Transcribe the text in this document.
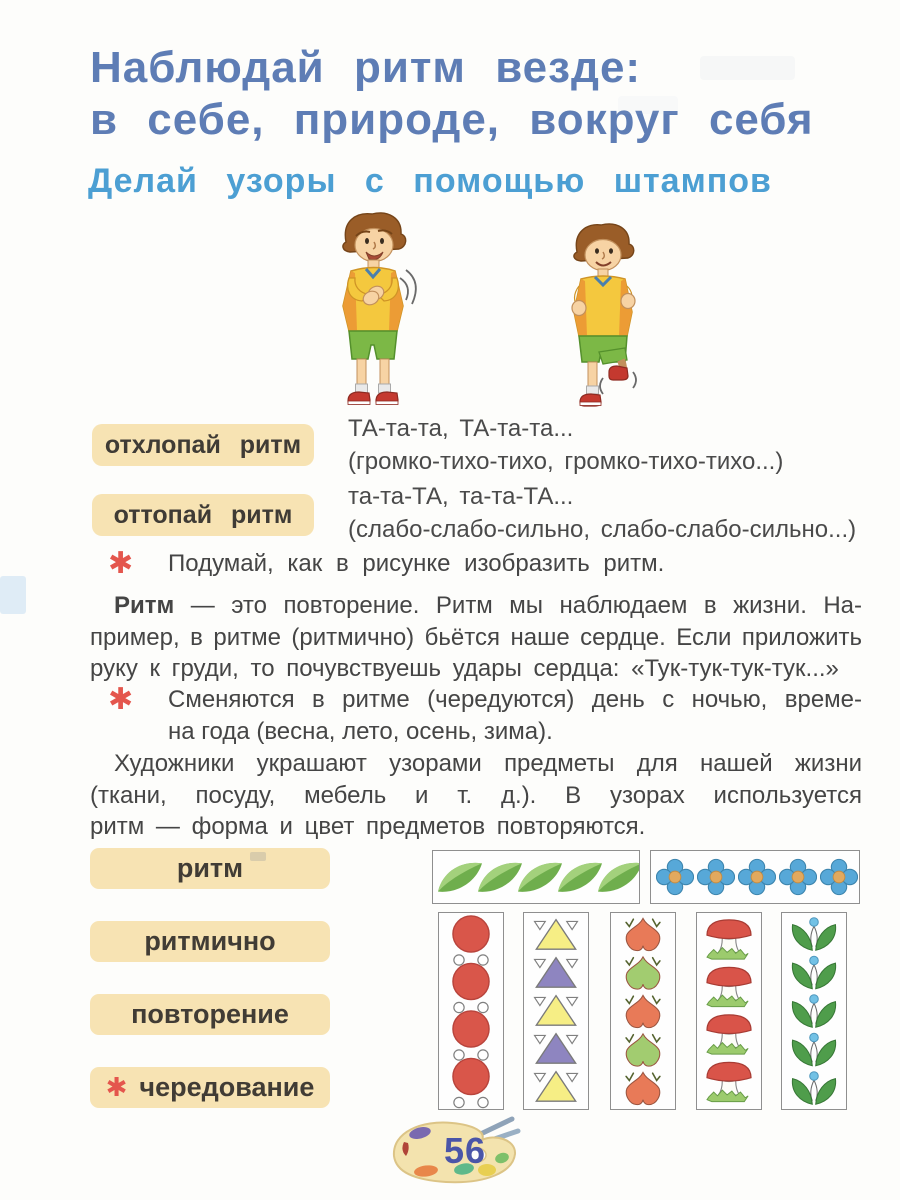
Наблюдай ритм везде:
в себе, природе, вокруг себя
Делай узоры с помощью штампов
отхлопай ритм
ТА-та-та, ТА-та-та...
(громко-тихо-тихо, громко-тихо-тихо...)
оттопай ритм
та-та-ТА, та-та-ТА...
(слабо-слабо-сильно, слабо-слабо-сильно...)
✱ Подумай, как в рисунке изобразить ритм.
Ритм — это повторение. Ритм мы наблюдаем в жизни. На-
пример, в ритме (ритмично) бьётся наше сердце. Если приложить
руку к груди, то почувствуешь удары сердца: «Тук-тук-тук-тук...»
✱ Сменяются в ритме (чередуются) день с ночью, време-
на года (весна, лето, осень, зима).
Художники украшают узорами предметы для нашей жизни
(ткани, посуду, мебель и т. д.). В узорах используется
ритм — форма и цвет предметов повторяются.
ритм
ритмично
повторение
✱ чередование
56
